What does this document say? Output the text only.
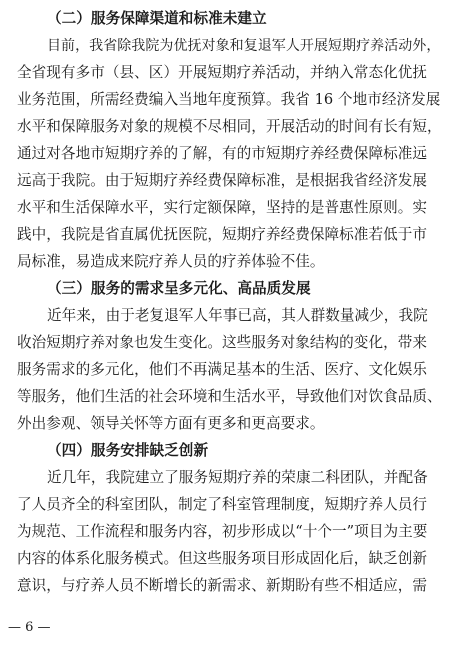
（二）服务保障渠道和标准未建立
目前，我省除我院为优抚对象和复退军人开展短期疗养活动外，
全省现有多市（县、区）开展短期疗养活动，并纳入常态化优抚
业务范围，所需经费编入当地年度预算。我省 16 个地市经济发展
水平和保障服务对象的规模不尽相同，开展活动的时间有长有短，
通过对各地市短期疗养的了解，有的市短期疗养经费保障标准远
远高于我院。由于短期疗养经费保障标准，是根据我省经济发展
水平和生活保障水平，实行定额保障，坚持的是普惠性原则。实
践中，我院是省直属优抚医院，短期疗养经费保障标准若低于市
局标准，易造成来院疗养人员的疗养体验不佳。
（三）服务的需求呈多元化、高品质发展
近年来，由于老复退军人年事已高，其人群数量减少，我院
收治短期疗养对象也发生变化。这些服务对象结构的变化，带来
服务需求的多元化，他们不再满足基本的生活、医疗、文化娱乐
等服务，他们生活的社会环境和生活水平，导致他们对饮食品质、
外出参观、领导关怀等方面有更多和更高要求。
（四）服务安排缺乏创新
近几年，我院建立了服务短期疗养的荣康二科团队，并配备
了人员齐全的科室团队，制定了科室管理制度，短期疗养人员行
为规范、工作流程和服务内容，初步形成以“十个一”项目为主要
内容的体系化服务模式。但这些服务项目形成固化后，缺乏创新
意识，与疗养人员不断增长的新需求、新期盼有些不相适应，需
— 6 —
